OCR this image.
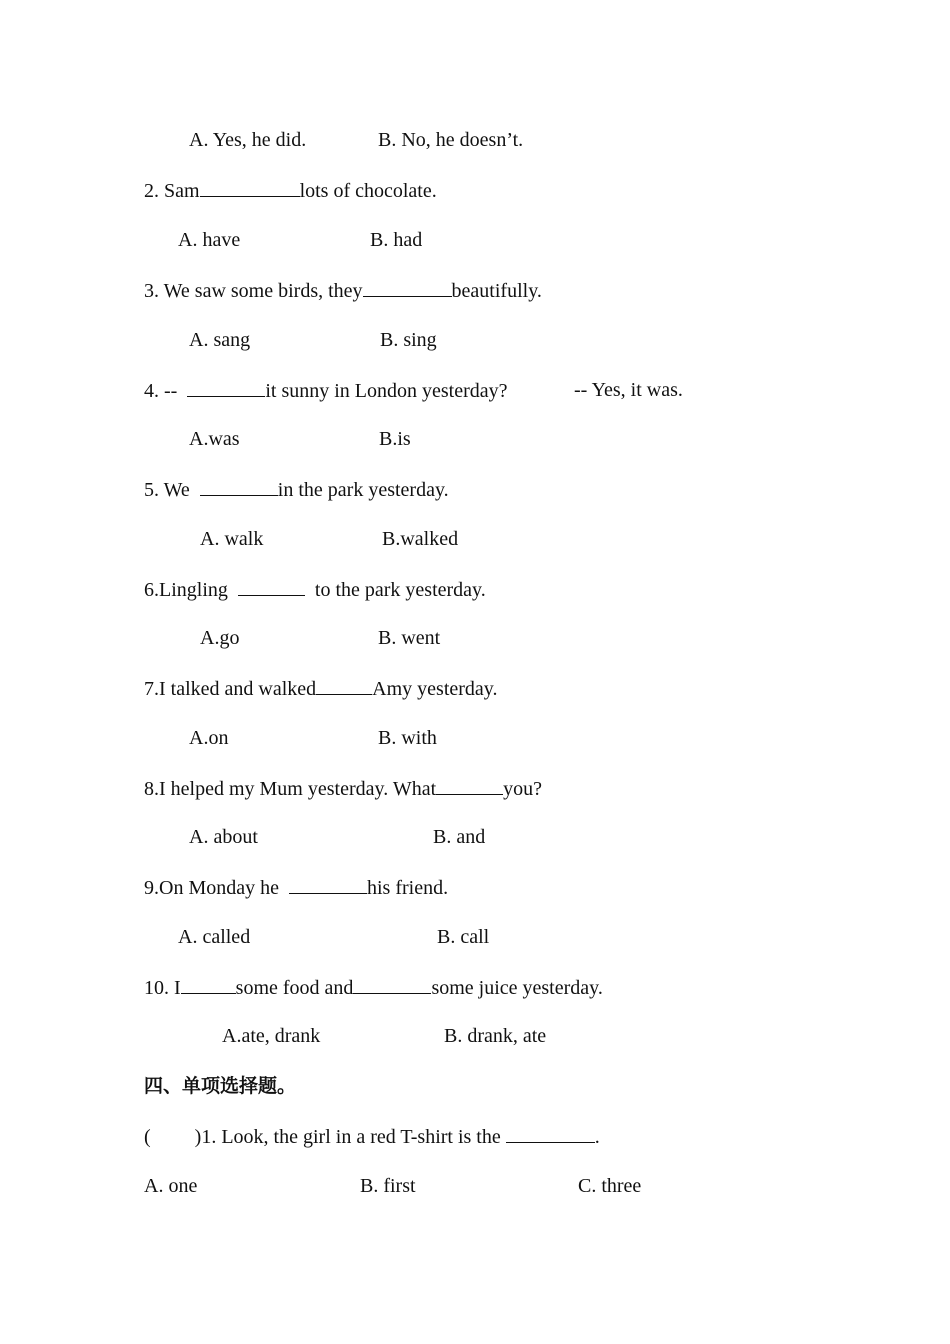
A. Yes, he did.	B. No, he doesn’t.
2. Sam	lots of chocolate.
A. have	B. had
3. We saw some birds, they	beautifully.
A. sang	B. sing
4. --	it sunny in London yesterday?	-- Yes, it was.
A.was	B.is
5. We	in the park yesterday.
A. walk	B.walked
6.Lingling	to the park yesterday.
A.go	B. went
7.I talked and walked	Amy yesterday.
A.on	B. with
8.I helped my Mum yesterday. What	you?
A. about	B. and
9.On Monday he	his friend.
A. called	B. call
10. I	some food and	some juice yesterday.
A.ate, drank	B. drank, ate
四、单项选择题。
( )1. Look, the girl in a red T-shirt is the	.
A. one	B. first	C. three
